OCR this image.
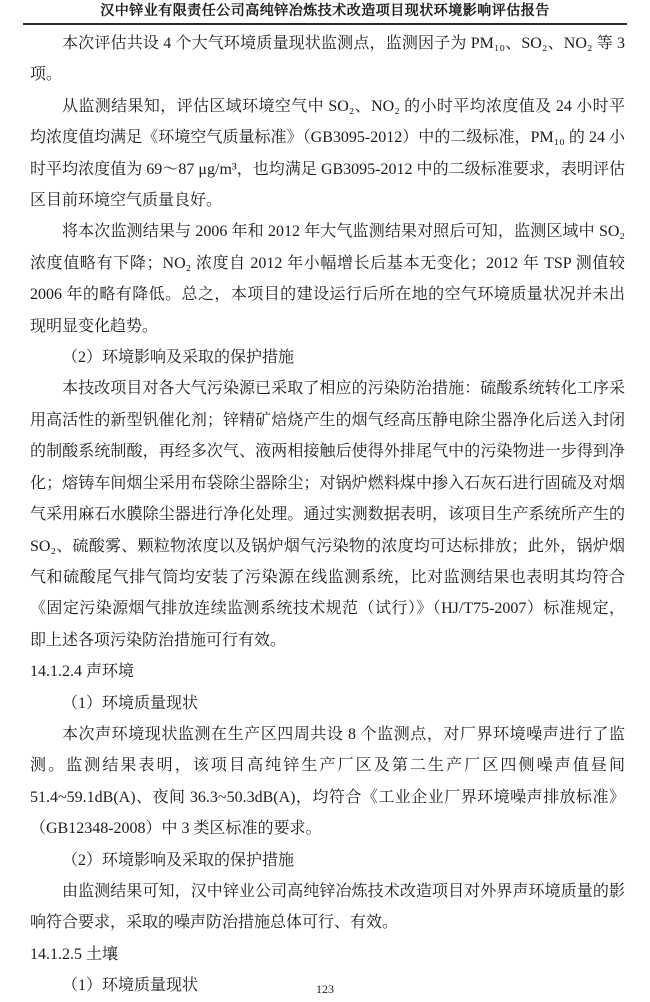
汉中锌业有限责任公司高纯锌冶炼技术改造项目现状环境影响评估报告

本次评估共设 4 个大气环境质量现状监测点，监测因子为 PM₁₀、SO₂、NO₂ 等 3 项。

从监测结果知，评估区域环境空气中 SO₂、NO₂ 的小时平均浓度值及 24 小时平均浓度值均满足《环境空气质量标准》（GB3095-2012）中的二级标准，PM₁₀ 的 24 小时平均浓度值为 69～87 μg/m³，也均满足 GB3095-2012 中的二级标准要求，表明评估区目前环境空气质量良好。

将本次监测结果与 2006 年和 2012 年大气监测结果对照后可知，监测区域中 SO₂ 浓度值略有下降；NO₂ 浓度自 2012 年小幅增长后基本无变化；2012 年 TSP 测值较 2006 年的略有降低。总之，本项目的建设运行后所在地的空气环境质量状况并未出现明显变化趋势。

（2）环境影响及采取的保护措施

本技改项目对各大气污染源已采取了相应的污染防治措施：硫酸系统转化工序采用高活性的新型钒催化剂；锌精矿焙烧产生的烟气经高压静电除尘器净化后送入封闭的制酸系统制酸，再经多次气、液两相接触后使得外排尾气中的污染物进一步得到净化；熔铸车间烟尘采用布袋除尘器除尘；对锅炉燃料煤中掺入石灰石进行固硫及对烟气采用麻石水膜除尘器进行净化处理。通过实测数据表明，该项目生产系统所产生的 SO₂、硫酸雾、颗粒物浓度以及锅炉烟气污染物的浓度均可达标排放；此外，锅炉烟气和硫酸尾气排气筒均安装了污染源在线监测系统，比对监测结果也表明其均符合《固定污染源烟气排放连续监测系统技术规范（试行）》（HJ/T75-2007）标准规定，即上述各项污染防治措施可行有效。

14.1.2.4 声环境

（1）环境质量现状

本次声环境现状监测在生产区四周共设 8 个监测点，对厂界环境噪声进行了监测。监测结果表明，该项目高纯锌生产厂区及第二生产厂区四侧噪声值昼间 51.4~59.1dB(A)、夜间 36.3~50.3dB(A)，均符合《工业企业厂界环境噪声排放标准》（GB12348-2008）中 3 类区标准的要求。

（2）环境影响及采取的保护措施

由监测结果可知，汉中锌业公司高纯锌冶炼技术改造项目对外界声环境质量的影响符合要求，采取的噪声防治措施总体可行、有效。

14.1.2.5 土壤

（1）环境质量现状	123
